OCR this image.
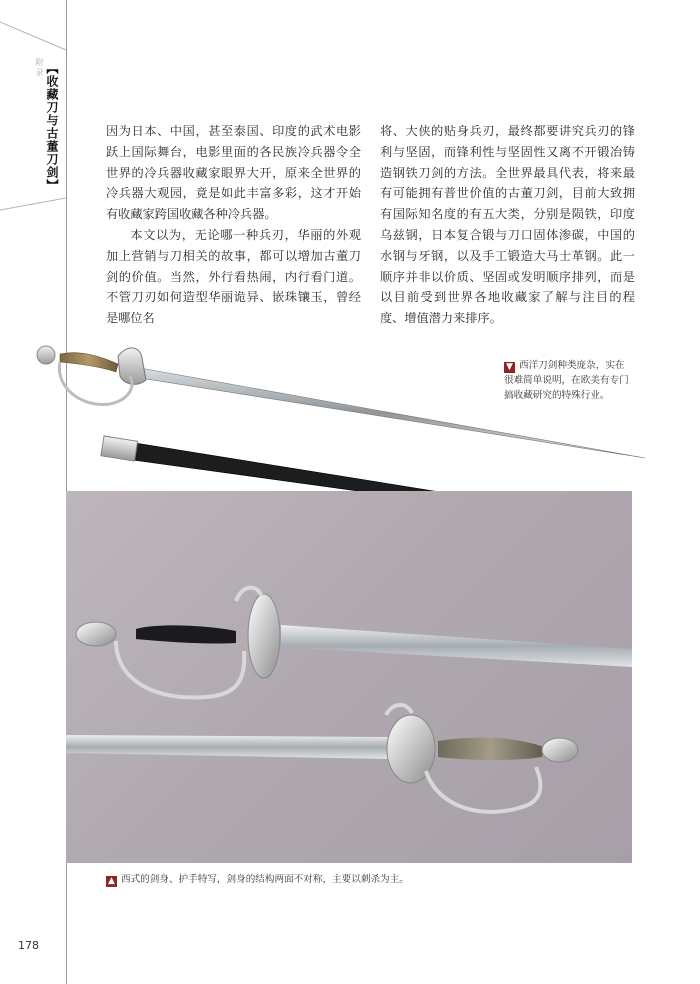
附录 【收藏刀与古董刀剑】	因为日本、中国，甚至泰国、印度的武术电影跃上国际舞台，电影里面的各民族冷兵器令全世界的冷兵器收藏家眼界大开，原来全世界的冷兵器大观园，竟是如此丰富多彩，这才开始有收藏家跨国收藏各种冷兵器。

本文以为，无论哪一种兵刃，华丽的外观加上营销与刀相关的故事，都可以增加古董刀剑的价值。当然，外行看热闹，内行看门道。不管刀刃如何造型华丽诡异、嵌珠镶玉，曾经是哪位名

将、大侠的贴身兵刃，最终都要讲究兵刃的锋利与坚固，而锋利性与坚固性又离不开锻冶铸造钢铁刀剑的方法。全世界最具代表，将来最有可能拥有普世价值的古董刀剑，目前大致拥有国际知名度的有五大类，分别是陨铁，印度乌兹钢，日本复合锻与刀口固体渗碳，中国的水钢与牙钢，以及手工锻造大马士革钢。此一顺序并非以价质、坚固或发明顺序排列，而是以目前受到世界各地收藏家了解与注目的程度、增值潜力来排序。

▼ 西洋刀剑种类庞杂，实在很难简单说明，在欧美有专门搞收藏研究的特殊行业。
▲ 西式的剑身、护手特写，剑身的结构两面不对称，主要以刺杀为主。
178
